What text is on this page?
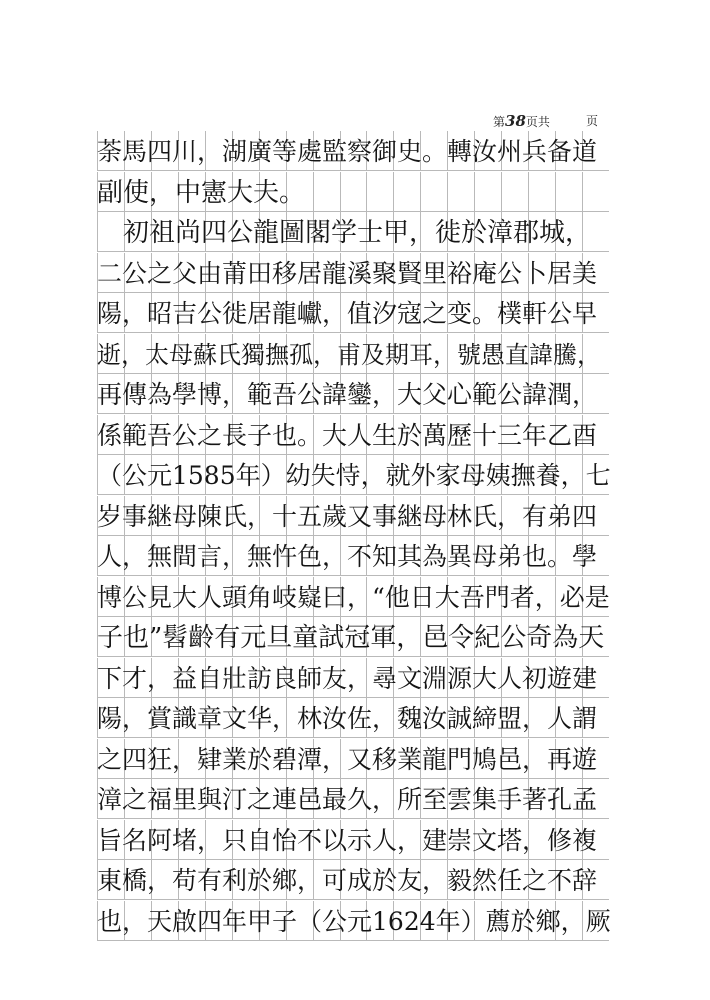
第38页共	页
荼馬四川，湖廣等處監察御史。轉汝州兵备道
副使，中憲大夫。
　初祖尚四公龍圖閣学士甲，徙於漳郡城，
二公之父由莆田移居龍溪聚賢里裕庵公卜居美
陽，昭吉公徙居龍巘，值汐寇之变。樸軒公早
逝，太母蘇氏獨撫孤，甫及期耳，號愚直諱騰，
再傳為學博，範吾公諱鑾，大父心範公諱潤，
係範吾公之長子也。大人生於萬歷十三年乙酉
（公元1585年）幼失恃，就外家母姨撫養，七
岁事継母陳氏，十五歲又事継母林氏，有弟四
人，無間言，無忤色，不知其為異母弟也。學
博公見大人頭角岐嶷曰，“他日大吾門者，必是
子也”髫齡有元旦童試冠軍，邑令紀公奇為天
下才，益自壯訪良師友，尋文淵源大人初遊建
陽，賞識章文华，林汝佐，魏汝誠締盟，人謂
之四狂，肄業於碧潭，又移業龍門鳩邑，再遊
漳之福里與汀之連邑最久，所至雲集手著孔孟
旨名阿堵，只自怡不以示人，建崇文塔，修複
東橋，苟有利於鄉，可成於友，毅然任之不辞
也，天啟四年甲子（公元1624年）薦於鄉，厥
